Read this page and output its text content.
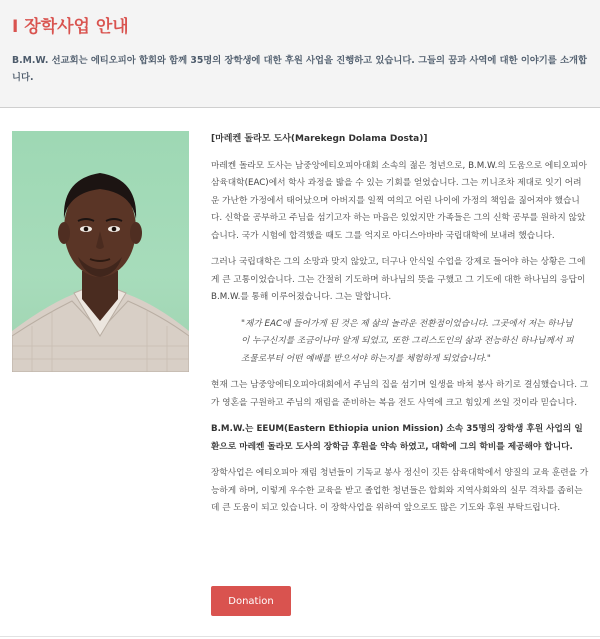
I 장학사업 안내

B.M.W. 선교회는 에티오피아 합회와 함께 35명의 장학생에 대한 후원 사업을 진행하고 있습니다. 그들의 꿈과 사역에 대한 이야기를 소개합니다.

[마레켄 돌라모 도사(Marekegn Dolama Dosta)]

마레켄 돌라모 도사는 남중앙에티오피아대회 소속의 젊은 청년으로, B.M.W.의 도움으로 에티오피아 삼육대학(EAC)에서 학사 과정을 밟을 수 있는 기회를 얻었습니다. 그는 끼니조차 제대로 잇기 어려운 가난한 가정에서 태어났으며 아버지를 일찍 여의고 어린 나이에 가정의 책임을 짊어져야 했습니다. 신학을 공부하고 주님을 섬기고자 하는 마음은 있었지만 가족들은 그의 신학 공부를 원하지 않았습니다. 국가 시험에 합격했을 때도 그를 억지로 아디스아바바 국립대학에 보내려 했습니다.

그러나 국립대학은 그의 소망과 맞지 않았고, 더구나 안식일 수업을 강제로 들어야 하는 상황은 그에게 큰 고통이었습니다. 그는 간절히 기도하며 하나님의 뜻을 구했고 그 기도에 대한 하나님의 응답이 B.M.W.를 통해 이루어졌습니다. 그는 말합니다.

"제가 EAC에 들어가게 된 것은 제 삶의 놀라운 전환점이었습니다. 그곳에서 저는 하나님이 누구신지를 조금이나마 알게 되었고, 또한 그리스도인의 삶과 전능하신 하나님께서 피조물로부터 어떤 예배를 받으셔야 하는지를 체험하게 되었습니다."

현재 그는 남중앙에티오피아대회에서 주님의 집을 섬기며 일생을 바쳐 봉사 하기로 결심했습니다. 그가 영혼을 구원하고 주님의 재림을 준비하는 복음 전도 사역에 크고 힘있게 쓰일 것이라 믿습니다.

B.M.W.는 EEUM(Eastern Ethiopia union Mission) 소속 35명의 장학생 후원 사업의 일환으로 마레켄 돌라모 도사의 장학금 후원을 약속 하였고, 대학에 그의 학비를 제공해야 합니다.

장학사업은 에티오피아 재림 청년들이 기독교 봉사 정신이 깃든 삼육대학에서 양질의 교육 훈련을 가능하게 하며, 이렇게 우수한 교육을 받고 졸업한 청년들은 합회와 지역사회와의 실무 격차를 좁히는 데 큰 도움이 되고 있습니다. 이 장학사업을 위하여 앞으로도 많은 기도와 후원 부탁드립니다.

Donation
